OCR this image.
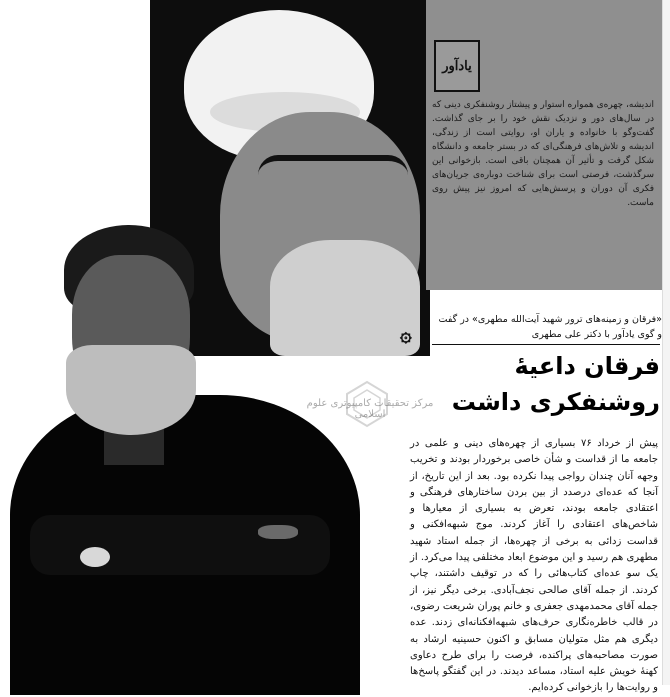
یادآور
اندیشه، چهره‌ی همواره استوار و پیشتاز روشنفکری دینی که در سال‌های دور و نزدیک نقش خود را بر جای گذاشت. گفت‌وگو با خانواده و یاران او، روایتی است از زندگی، اندیشه و تلاش‌های فرهنگی‌ای که در بستر جامعه و دانشگاه شکل گرفت و تأثیر آن همچنان باقی است. بازخوانی این سرگذشت، فرصتی است برای شناخت دوباره‌ی جریان‌های فکری آن دوران و پرسش‌هایی که امروز نیز پیش روی ماست.
۞
«فرقان و زمینه‌های ترور شهید آیت‌الله مطهری» در گفت و گوی یادآور با دکتر علی مطهری
فرقان داعیهٔ
روشنفکری داشت
مرکز تحقیقات کامپیوتری علوم اسلامی
پیش از خرداد ۷۶ بسیاری از چهره‌های دینی و علمی در جامعه ما از قداست و شأن خاصی برخوردار بودند و تخریب وجهه آنان چندان رواجی پیدا نکرده بود. بعد از این تاریخ، از آنجا که عده‌ای درصدد از بین بردن ساختارهای فرهنگی و اعتقادی جامعه بودند، تعرض به بسیاری از معیارها و شاخص‌های اعتقادی را آغاز کردند. موج شبهه‌افکنی و قداست زدائی به برخی از چهره‌ها، از جمله استاد شهید مطهری هم رسید و این موضوع ابعاد مختلفی پیدا می‌کرد. از یک سو عده‌ای کتاب‌هائی را که در توقیف داشتند، چاپ کردند. از جمله آقای صالحی نجف‌آبادی. برخی دیگر نیز، از جمله آقای محمدمهدی جعفری و خانم پوران شریعت رضوی، در قالب خاطره‌نگاری حرف‌های شبهه‌افکنانه‌ای زدند. عده دیگری هم مثل متولیان مسابق و اکنون حسینیه ارشاد به صورت مصاحبه‌های پراکنده، فرصت را برای طرح دعاوی کهنهٔ خویش علیه استاد، مساعد دیدند. در این گفتگو پاسخ‌ها و روایت‌ها را بازخوانی کرده‌ایم.
